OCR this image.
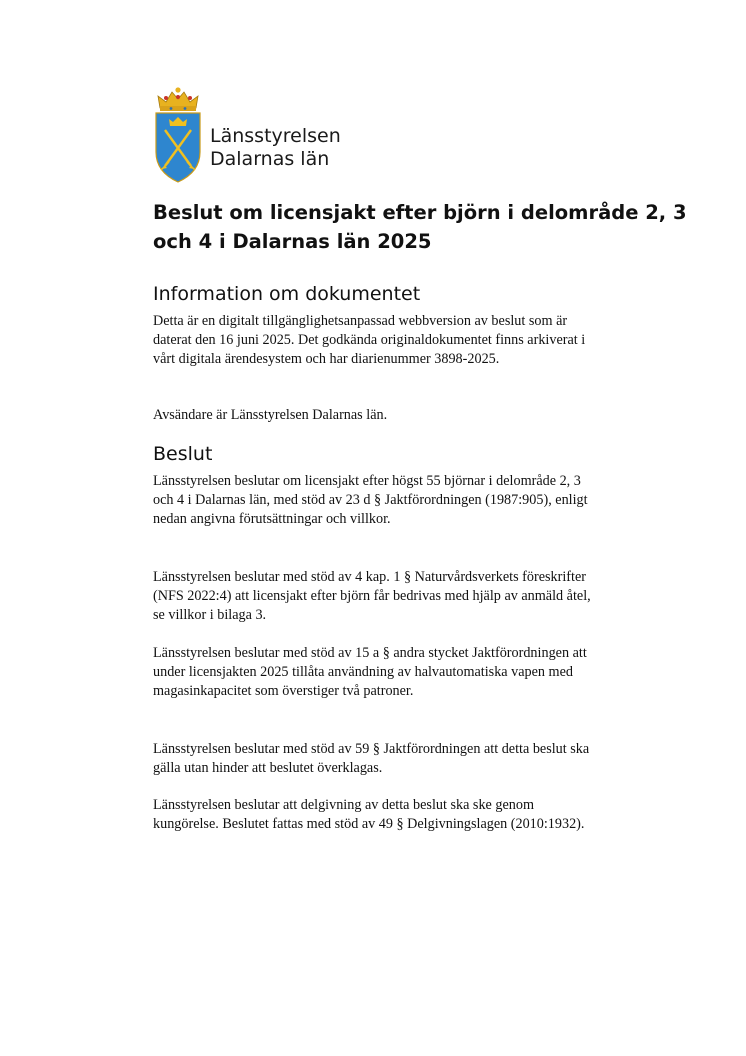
Länsstyrelsen
Dalarnas län
Beslut om licensjakt efter björn i delområde 2, 3 och 4 i Dalarnas län 2025
Information om dokumentet

Detta är en digitalt tillgänglighetsanpassad webbversion av beslut som är daterat den 16 juni 2025. Det godkända originaldokumentet finns arkiverat i vårt digitala ärendesystem och har diarienummer 3898-2025.

Avsändare är Länsstyrelsen Dalarnas län.

Beslut

Länsstyrelsen beslutar om licensjakt efter högst 55 björnar i delområde 2, 3 och 4 i Dalarnas län, med stöd av 23 d § Jaktförordningen (1987:905), enligt nedan angivna förutsättningar och villkor.

Länsstyrelsen beslutar med stöd av 4 kap. 1 § Naturvårdsverkets föreskrifter (NFS 2022:4) att licensjakt efter björn får bedrivas med hjälp av anmäld åtel, se villkor i bilaga 3.

Länsstyrelsen beslutar med stöd av 15 a § andra stycket Jaktförordningen att under licensjakten 2025 tillåta användning av halvautomatiska vapen med magasinkapacitet som överstiger två patroner.

Länsstyrelsen beslutar med stöd av 59 § Jaktförordningen att detta beslut ska gälla utan hinder att beslutet överklagas.

Länsstyrelsen beslutar att delgivning av detta beslut ska ske genom kungörelse. Beslutet fattas med stöd av 49 § Delgivningslagen (2010:1932).
